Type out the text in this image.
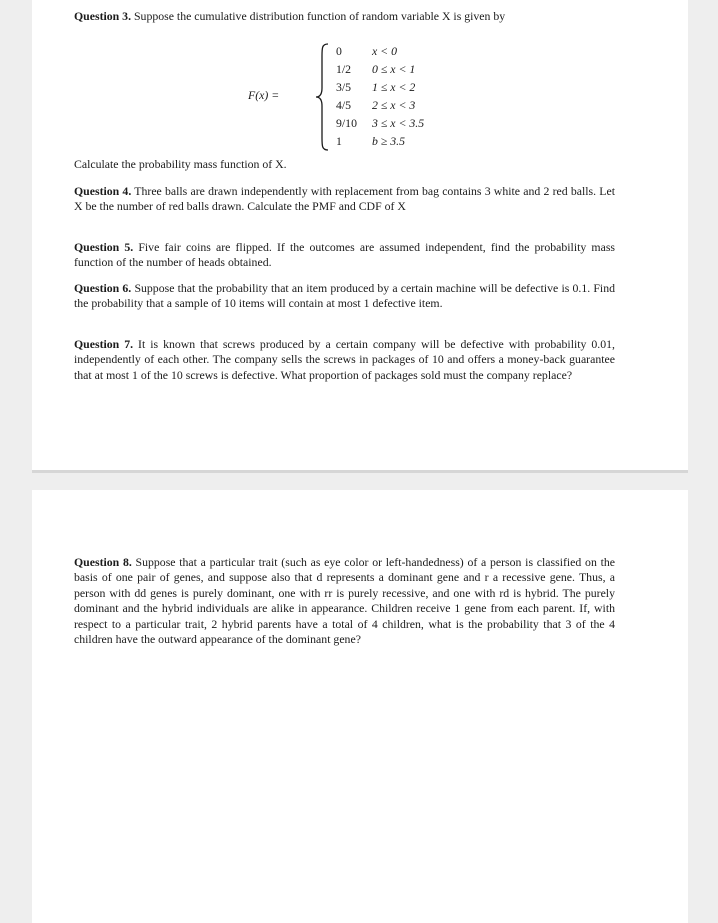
Question 3. Suppose the cumulative distribution function of random variable X is given by

F(x) =
0	x < 0
1/2 0 ≤ x < 1
3/5 1 ≤ x < 2
4/5 2 ≤ x < 3
9/10 3 ≤ x < 3.5
1	b ≥ 3.5

Calculate the probability mass function of X.

Question 4. Three balls are drawn independently with replacement from bag contains 3 white and 2 red balls. Let X be the number of red balls drawn. Calculate the PMF and CDF of X

Question 5. Five fair coins are flipped. If the outcomes are assumed independent, find the probability mass function of the number of heads obtained.

Question 6. Suppose that the probability that an item produced by a certain machine will be defective is 0.1. Find the probability that a sample of 10 items will contain at most 1 defective item.

Question 7. It is known that screws produced by a certain company will be defective with probability 0.01, independently of each other. The company sells the screws in packages of 10 and offers a money-back guarantee that at most 1 of the 10 screws is defective. What proportion of packages sold must the company replace?

Question 8. Suppose that a particular trait (such as eye color or left-handedness) of a person is classified on the basis of one pair of genes, and suppose also that d represents a dominant gene and r a recessive gene. Thus, a person with dd genes is purely dominant, one with rr is purely recessive, and one with rd is hybrid. The purely dominant and the hybrid individuals are alike in appearance. Children receive 1 gene from each parent. If, with respect to a particular trait, 2 hybrid parents have a total of 4 children, what is the probability that 3 of the 4 children have the outward appearance of the dominant gene?
